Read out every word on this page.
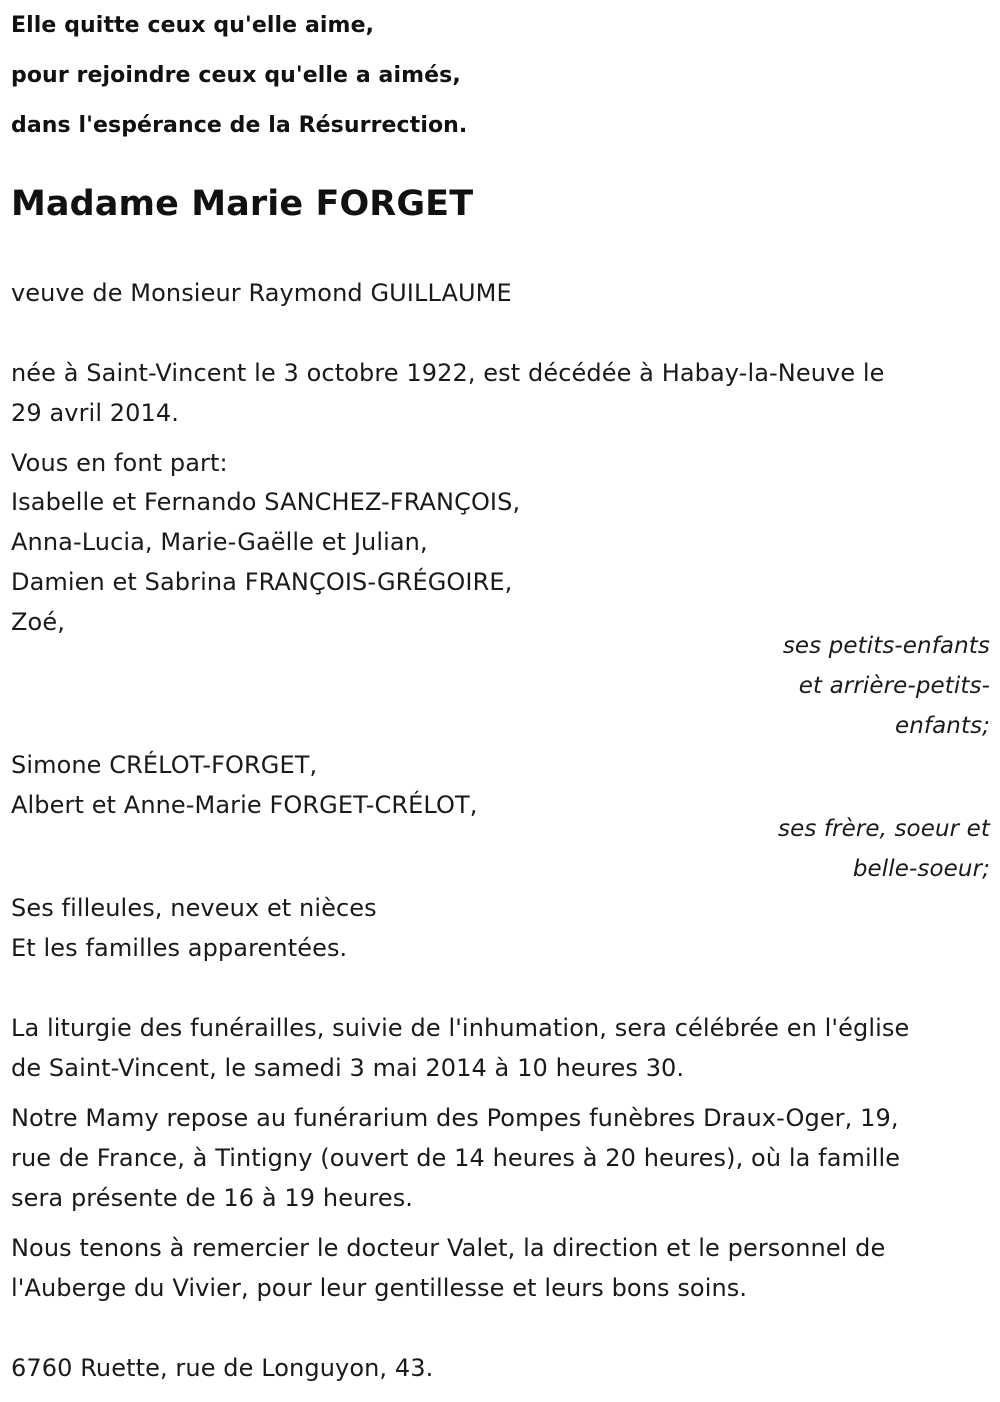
Elle quitte ceux qu'elle aime,
pour rejoindre ceux qu'elle a aimés,
dans l'espérance de la Résurrection.
Madame Marie FORGET
veuve de Monsieur Raymond GUILLAUME
née à Saint-Vincent le 3 octobre 1922, est décédée à Habay-la-Neuve le
29 avril 2014.
Vous en font part:
Isabelle et Fernando SANCHEZ-FRANÇOIS,
Anna-Lucia, Marie-Gaëlle et Julian,
Damien et Sabrina FRANÇOIS-GRÉGOIRE,
Zoé,
ses petits-enfants
et arrière-petits-
enfants;
Simone CRÉLOT-FORGET,
Albert et Anne-Marie FORGET-CRÉLOT,
ses frère, soeur et
belle-soeur;
Ses filleules, neveux et nièces
Et les familles apparentées.
La liturgie des funérailles, suivie de l'inhumation, sera célébrée en l'église
de Saint-Vincent, le samedi 3 mai 2014 à 10 heures 30.
Notre Mamy repose au funérarium des Pompes funèbres Draux-Oger, 19,
rue de France, à Tintigny (ouvert de 14 heures à 20 heures), où la famille
sera présente de 16 à 19 heures.
Nous tenons à remercier le docteur Valet, la direction et le personnel de
l'Auberge du Vivier, pour leur gentillesse et leurs bons soins.
6760 Ruette, rue de Longuyon, 43.
